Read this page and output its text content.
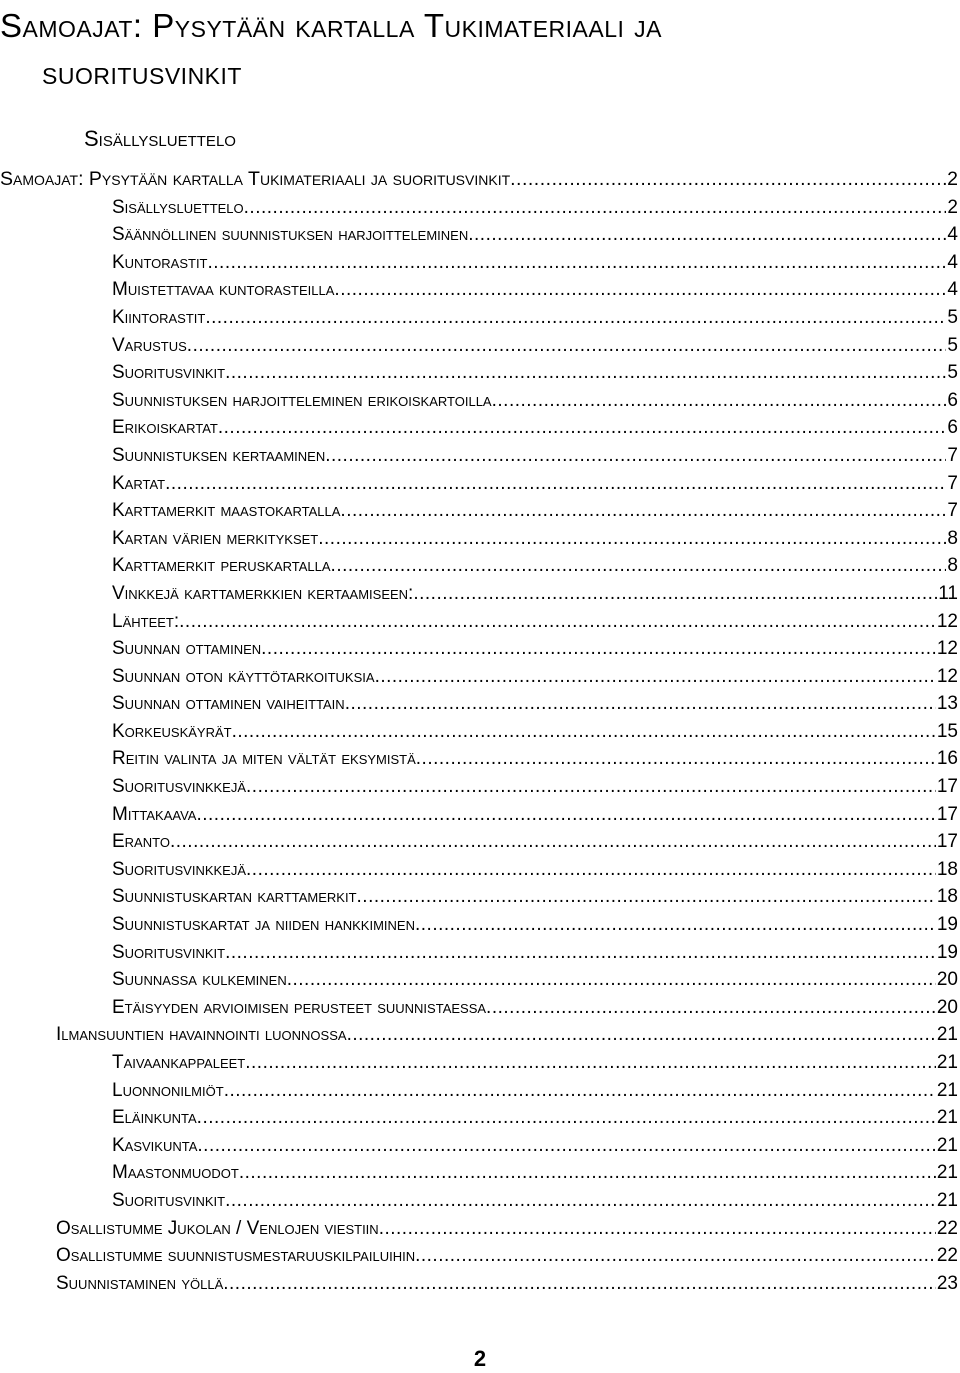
Samoajat: Pysytään kartalla Tukimateriaali ja
suoritusvinkit
Sisällysluettelo
Samoajat: Pysytään kartalla Tukimateriaali ja suoritusvinkit .....	2
Sisällysluettelo .....	2
Säännöllinen suunnistuksen harjoitteleminen .....	4
Kuntorastit .....	4
Muistettavaa kuntorasteilla .....	4
Kiintorastit .....	5
Varustus .....	5
Suoritusvinkit .....	5
Suunnistuksen harjoitteleminen erikoiskartoilla .....	6
Erikoiskartat .....	6
Suunnistuksen kertaaminen .....	7
Kartat .....	7
Karttamerkit maastokartalla .....	7
Kartan värien merkitykset .....	8
Karttamerkit peruskartalla .....	8
Vinkkejä karttamerkkien kertaamiseen: .....	11
Lähteet: .....	12
Suunnan ottaminen .....	12
Suunnan oton käyttötarkoituksia .....	12
Suunnan ottaminen vaiheittain .....	13
Korkeuskäyrät .....	15
Reitin valinta ja miten vältät eksymistä .....	16
Suoritusvinkkejä .....	17
Mittakaava .....	17
Eranto .....	17
Suoritusvinkkejä .....	18
Suunnistuskartan karttamerkit .....	18
Suunnistuskartat ja niiden hankkiminen .....	19
Suoritusvinkit .....	19
Suunnassa kulkeminen .....	20
Etäisyyden arvioimisen perusteet suunnistaessa .....	20
Ilmansuuntien havainnointi luonnossa .....	21
Taivaankappaleet .....	21
Luonnonilmiöt .....	21
Eläinkunta .....	21
Kasvikunta .....	21
Maastonmuodot .....	21
Suoritusvinkit .....	21
Osallistumme Jukolan / Venlojen viestiin .....	22
Osallistumme suunnistusmestaruuskilpailuihin .....	22
Suunnistaminen yöllä .....	23
2
